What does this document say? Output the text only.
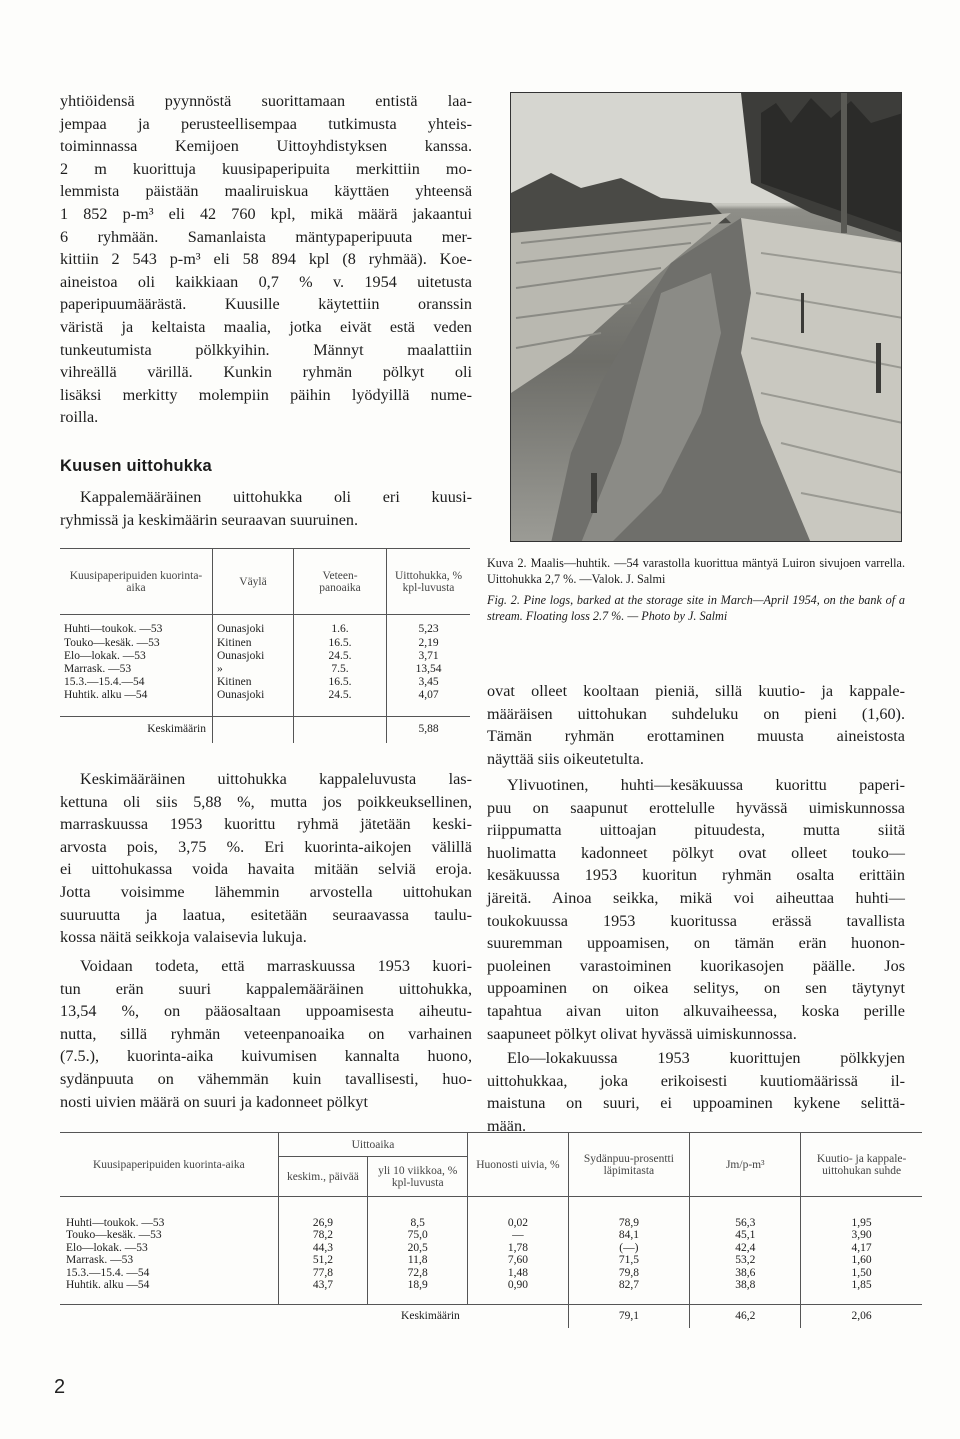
yhtiöidensä pyynnöstä suorittamaan entistä laa-
jempaa ja perusteellisempaa tutkimusta yhteis-
toiminnassa Kemijoen Uittoyhdistyksen kanssa.
2 m kuorittuja kuusipaperipuita merkittiin mo-
lemmista päistään maaliruiskua käyttäen yhteensä
1 852 p-m³ eli 42 760 kpl, mikä määrä jakaantui
6 ryhmään. Samanlaista mäntypaperipuuta mer-
kittiin 2 543 p-m³ eli 58 894 kpl (8 ryhmää). Koe-
aineistoa oli kaikkiaan 0,7 % v. 1954 uitetusta
paperipuumäärästä. Kuusille käytettiin oranssin
väristä ja keltaista maalia, jotka eivät estä veden
tunkeutumista pölkkyihin. Männyt maalattiin
vihreällä värillä. Kunkin ryhmän pölkyt oli
lisäksi merkitty molempiin päihin lyödyillä nume-
roilla.
Kuusen uittohukka
Kappalemääräinen uittohukka oli eri kuusi-
ryhmissä ja keskimäärin seuraavan suuruinen.
Kuusipaperipuiden kuorinta-aika	Väylä	Veteen-panoaika	Uittohukka, % kpl-luvusta
Huhti—toukok. —53	Ounasjoki	1.6.	5,23
Touko—kesäk. —53	Kitinen	16.5.	2,19
Elo—lokak. —53	Ounasjoki	24.5.	3,71
Marrask. —53	»	7.5.	13,54
15.3.—15.4.—54	Kitinen	16.5.	3,45
Huhtik. alku —54	Ounasjoki	24.5.	4,07

Keskimäärin			5,88
Keskimääräinen uittohukka kappaleluvusta las-
kettuna oli siis 5,88 %, mutta jos poikkeuksellinen,
marraskuussa 1953 kuorittu ryhmä jätetään keski-
arvosta pois, 3,75 %. Eri kuorinta-aikojen välillä
ei uittohukassa voida havaita mitään selviä eroja.
Jotta voisimme lähemmin arvostella uittohukan
suuruutta ja laatua, esitetään seuraavassa taulu-
kossa näitä seikkoja valaisevia lukuja.
Voidaan todeta, että marraskuussa 1953 kuori-
tun erän suuri kappalemääräinen uittohukka,
13,54 %, on pääosaltaan uppoamisesta aiheutu-
nutta, sillä ryhmän veteenpanoaika on varhainen
(7.5.), kuorinta-aika kuivumisen kannalta huono,
sydänpuuta on vähemmän kuin tavallisesti, huo-
nosti uivien määrä on suuri ja kadonneet pölkyt

Kuva 2. Maalis—huhtik. —54 varastolla kuorittua mäntyä Luiron sivujoen varrella. Uittohukka 2,7 %. —Valok. J. Salmi

Fig. 2. Pine logs, barked at the storage site in March—April 1954, on the bank of a stream. Floating loss 2.7 %. — Photo by J. Salmi

ovat olleet kooltaan pieniä, sillä kuutio- ja kappale-
määräisen uittohukan suhdeluku on pieni (1,60).
Tämän ryhmän erottaminen muusta aineistosta
näyttää siis oikeutetulta.
Ylivuotinen, huhti—kesäkuussa kuorittu paperi-
puu on saapunut erottelulle hyvässä uimiskunnossa
riippumatta uittoajan pituudesta, mutta siitä
huolimatta kadonneet pölkyt ovat olleet touko—
kesäkuussa 1953 kuoritun ryhmän osalta erittäin
järeitä. Ainoa seikka, mikä voi aiheuttaa huhti—
toukokuussa 1953 kuoritussa erässä tavallista
suuremman uppoamisen, on tämän erän huonon-
puoleinen varastoiminen kuorikasojen päälle. Jos
uppoaminen on oikea selitys, on sen täytynyt
tapahtua aivan uiton alkuvaiheessa, koska perille
saapuneet pölkyt olivat hyvässä uimiskunnossa.
Elo—lokakuussa 1953 kuorittujen pölkkyjen
uittohukkaa, joka erikoisesti kuutiomäärissä il-
maistuna on suuri, ei uppoaminen kykene selittä-
mään.
Kuusipaperipuiden kuorinta-aika	Uittoaika		Huonosti uivia, %	Sydänpuu-prosentti läpimitasta	Jm/p-m³	Kuutio- ja kappale-uittohukan suhde
	keskim., päivää	yli 10 viikkoa, % kpl-luvusta				

Huhti—toukok. —53	26,9	8,5	0,02	78,9	56,3	1,95
Touko—kesäk. —53	78,2	75,0	—	84,1	45,1	3,90
Elo—lokak. —53	44,3	20,5	1,78	(—)	42,4	4,17
Marrask. —53	51,2	11,8	7,60	71,5	53,2	1,60
15.3.—15.4. —54	77,8	72,8	1,48	79,8	38,6	1,50
Huhtik. alku —54	43,7	18,9	0,90	82,7	38,8	1,85

Keskimäärin				79,1	46,2	2,06
2
